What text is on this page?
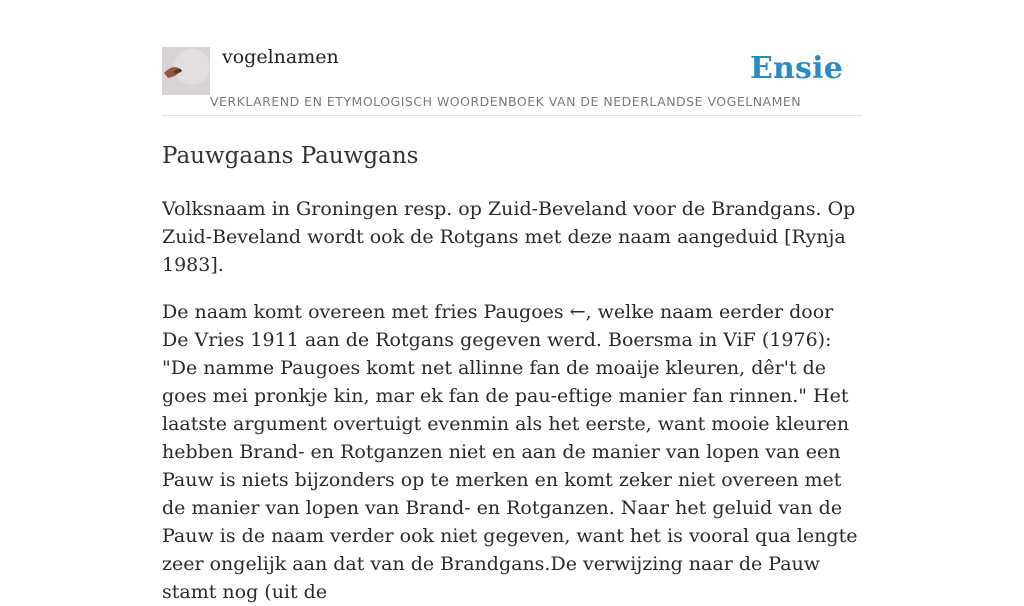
vogelnamen	Ensie
VERKLAREND EN ETYMOLOGISCH WOORDENBOEK VAN DE NEDERLANDSE VOGELNAMEN
Pauwgaans Pauwgans

Volksnaam in Groningen resp. op Zuid-Beveland voor de Brandgans. Op Zuid-Beveland wordt ook de Rotgans met deze naam aangeduid [Rynja 1983].

De naam komt overeen met fries Paugoes ←, welke naam eerder door De Vries 1911 aan de Rotgans gegeven werd. Boersma in ViF (1976): "De namme Paugoes komt net allinne fan de moaije kleuren, dêr't de goes mei pronkje kin, mar ek fan de pau-eftige manier fan rinnen." Het laatste argument overtuigt evenmin als het eerste, want mooie kleuren hebben Brand- en Rotganzen niet en aan de manier van lopen van een Pauw is niets bijzonders op te merken en komt zeker niet overeen met de manier van lopen van Brand- en Rotganzen. Naar het geluid van de Pauw is de naam verder ook niet gegeven, want het is vooral qua lengte zeer ongelijk aan dat van de Brandgans.De verwijzing naar de Pauw stamt nog (uit de
